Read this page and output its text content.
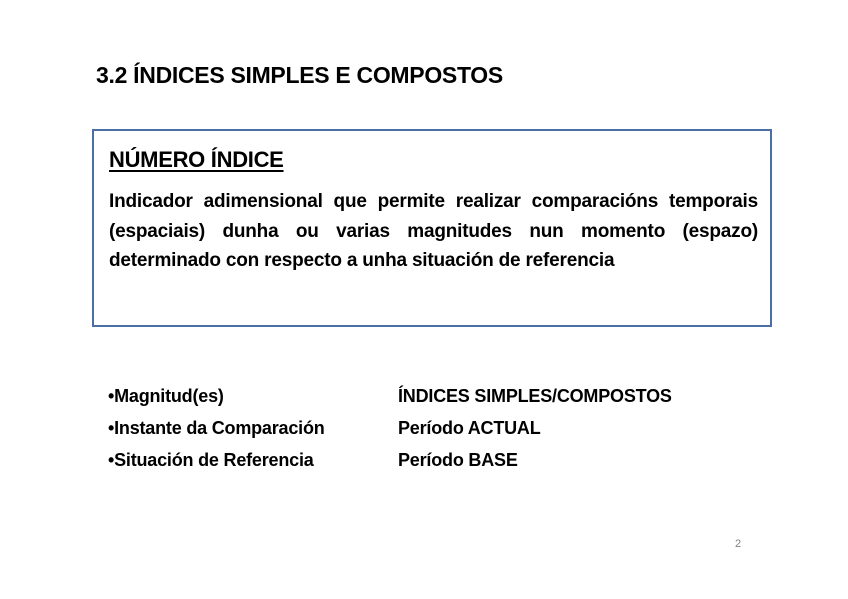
3.2 ÍNDICES SIMPLES E COMPOSTOS
NÚMERO ÍNDICE

Indicador adimensional que permite realizar comparacións temporais (espaciais) dunha ou varias magnitudes nun momento (espazo) determinado con respecto a unha situación de referencia

•Magnitud(es)	ÍNDICES SIMPLES/COMPOSTOS
•Instante da Comparación	Período ACTUAL
•Situación de Referencia	Período BASE
2
